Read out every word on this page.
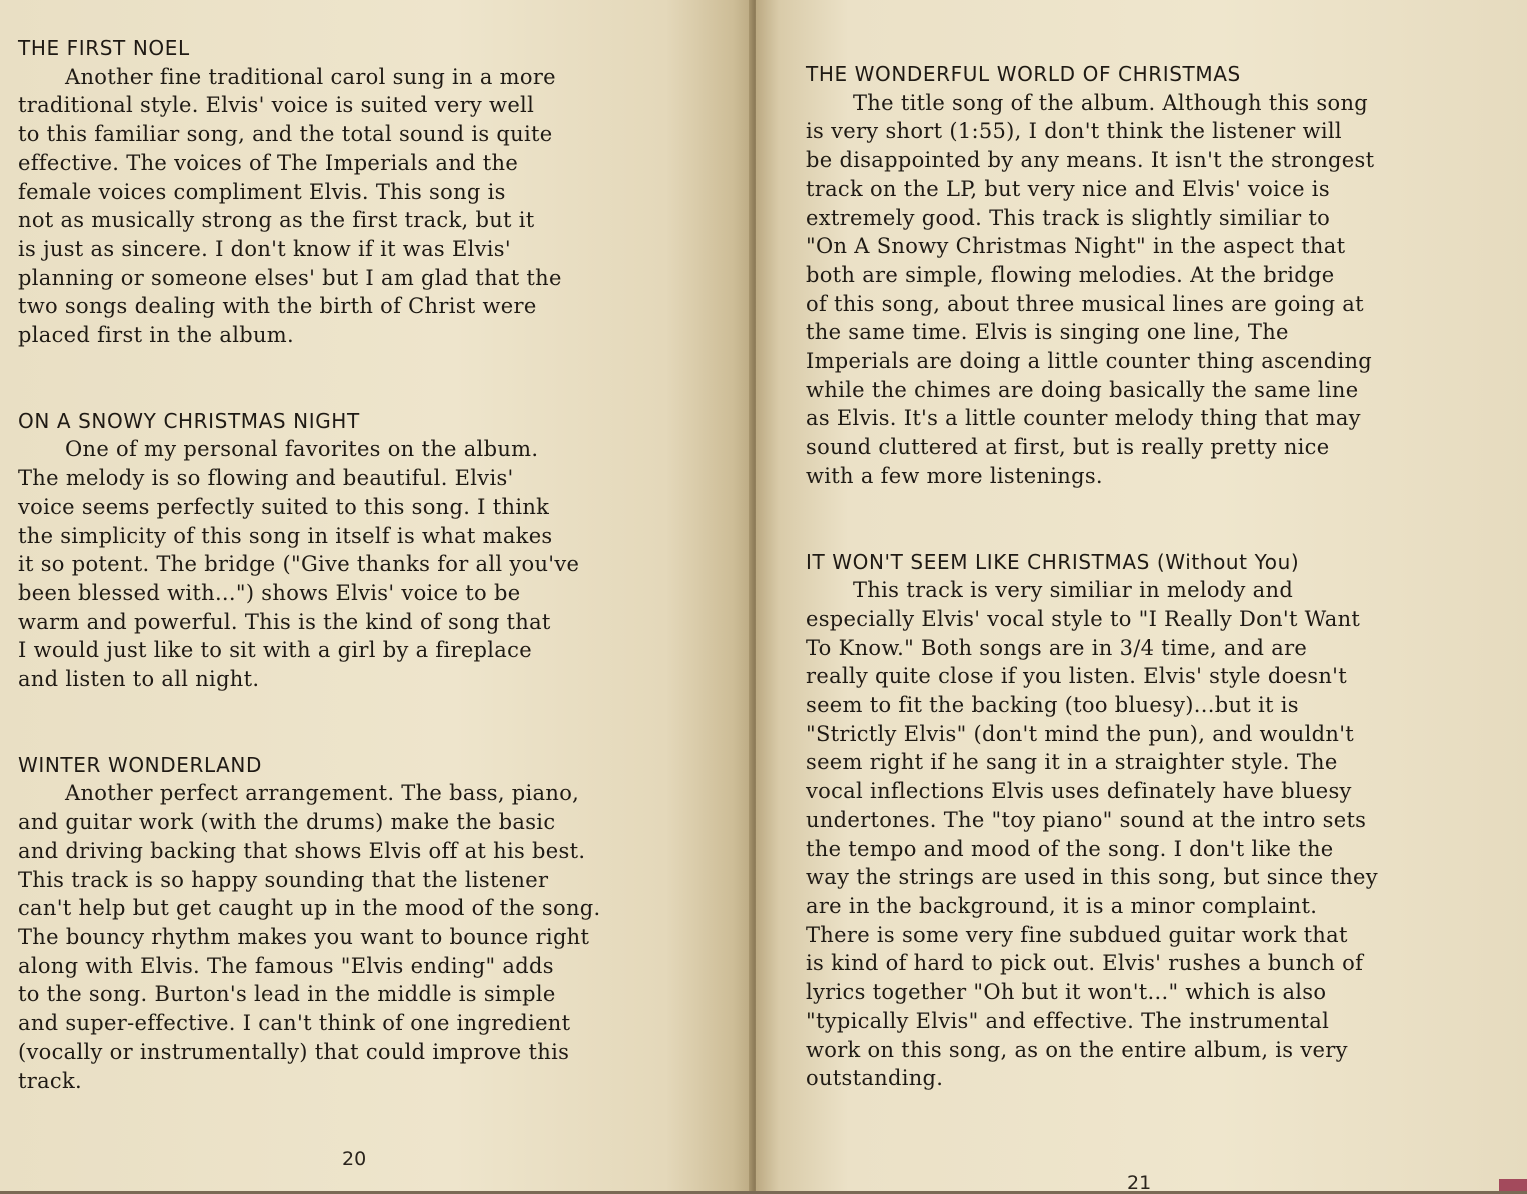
THE FIRST NOEL
Another fine traditional carol sung in a more
traditional style. Elvis' voice is suited very well
to this familiar song, and the total sound is quite
effective. The voices of The Imperials and the
female voices compliment Elvis. This song is
not as musically strong as the first track, but it
is just as sincere. I don't know if it was Elvis'
planning or someone elses' but I am glad that the
two songs dealing with the birth of Christ were
placed first in the album.
ON A SNOWY CHRISTMAS NIGHT
One of my personal favorites on the album.
The melody is so flowing and beautiful. Elvis'
voice seems perfectly suited to this song. I think
the simplicity of this song in itself is what makes
it so potent. The bridge ("Give thanks for all you've
been blessed with...") shows Elvis' voice to be
warm and powerful. This is the kind of song that
I would just like to sit with a girl by a fireplace
and listen to all night.
WINTER WONDERLAND
Another perfect arrangement. The bass, piano,
and guitar work (with the drums) make the basic
and driving backing that shows Elvis off at his best.
This track is so happy sounding that the listener
can't help but get caught up in the mood of the song.
The bouncy rhythm makes you want to bounce right
along with Elvis. The famous "Elvis ending" adds
to the song. Burton's lead in the middle is simple
and super-effective. I can't think of one ingredient
(vocally or instrumentally) that could improve this
track.
20
THE WONDERFUL WORLD OF CHRISTMAS
The title song of the album. Although this song
is very short (1:55), I don't think the listener will
be disappointed by any means. It isn't the strongest
track on the LP, but very nice and Elvis' voice is
extremely good. This track is slightly similiar to
"On A Snowy Christmas Night" in the aspect that
both are simple, flowing melodies. At the bridge
of this song, about three musical lines are going at
the same time. Elvis is singing one line, The
Imperials are doing a little counter thing ascending
while the chimes are doing basically the same line
as Elvis. It's a little counter melody thing that may
sound cluttered at first, but is really pretty nice
with a few more listenings.
IT WON'T SEEM LIKE CHRISTMAS (Without You)
This track is very similiar in melody and
especially Elvis' vocal style to "I Really Don't Want
To Know." Both songs are in 3/4 time, and are
really quite close if you listen. Elvis' style doesn't
seem to fit the backing (too bluesy)...but it is
"Strictly Elvis" (don't mind the pun), and wouldn't
seem right if he sang it in a straighter style. The
vocal inflections Elvis uses definately have bluesy
undertones. The "toy piano" sound at the intro sets
the tempo and mood of the song. I don't like the
way the strings are used in this song, but since they
are in the background, it is a minor complaint.
There is some very fine subdued guitar work that
is kind of hard to pick out. Elvis' rushes a bunch of
lyrics together "Oh but it won't..." which is also
"typically Elvis" and effective. The instrumental
work on this song, as on the entire album, is very
outstanding.
21
